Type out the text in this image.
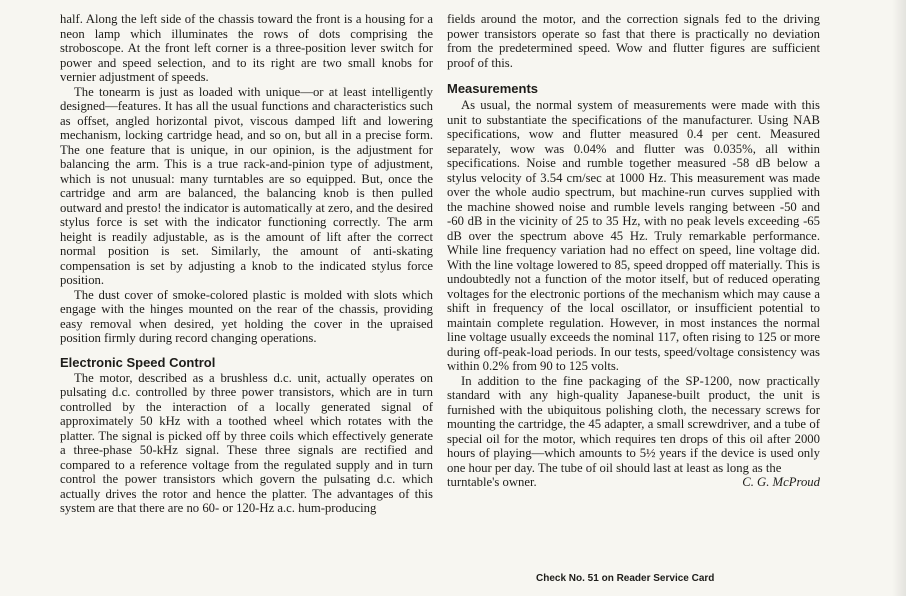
half. Along the left side of the chassis toward the front is a housing for a neon lamp which illuminates the rows of dots comprising the stroboscope. At the front left corner is a three-position lever switch for power and speed selection, and to its right are two small knobs for vernier adjustment of speeds.

The tonearm is just as loaded with unique—or at least intelligently designed—features. It has all the usual functions and characteristics such as offset, angled horizontal pivot, viscous damped lift and lowering mechanism, locking cartridge head, and so on, but all in a precise form. The one feature that is unique, in our opinion, is the adjustment for balancing the arm. This is a true rack-and-pinion type of adjustment, which is not unusual: many turntables are so equipped. But, once the cartridge and arm are balanced, the balancing knob is then pulled outward and presto! the indicator is automatically at zero, and the desired stylus force is set with the indicator functioning correctly. The arm height is readily adjustable, as is the amount of lift after the correct normal position is set. Similarly, the amount of anti-skating compensation is set by adjusting a knob to the indicated stylus force position.

The dust cover of smoke-colored plastic is molded with slots which engage with the hinges mounted on the rear of the chassis, providing easy removal when desired, yet holding the cover in the upraised position firmly during record changing operations.

Electronic Speed Control

The motor, described as a brushless d.c. unit, actually operates on pulsating d.c. controlled by three power transistors, which are in turn controlled by the interaction of a locally generated signal of approximately 50 kHz with a toothed wheel which rotates with the platter. The signal is picked off by three coils which effectively generate a three-phase 50-kHz signal. These three signals are rectified and compared to a reference voltage from the regulated supply and in turn control the power transistors which govern the pulsating d.c. which actually drives the rotor and hence the platter. The advantages of this system are that there are no 60- or 120-Hz a.c. hum-producing

fields around the motor, and the correction signals fed to the driving power transistors operate so fast that there is practically no deviation from the predetermined speed. Wow and flutter figures are sufficient proof of this.

Measurements

As usual, the normal system of measurements were made with this unit to substantiate the specifications of the manufacturer. Using NAB specifications, wow and flutter measured 0.4 per cent. Measured separately, wow was 0.04% and flutter was 0.035%, all within specifications. Noise and rumble together measured -58 dB below a stylus velocity of 3.54 cm/sec at 1000 Hz. This measurement was made over the whole audio spectrum, but machine-run curves supplied with the machine showed noise and rumble levels ranging between -50 and -60 dB in the vicinity of 25 to 35 Hz, with no peak levels exceeding -65 dB over the spectrum above 45 Hz. Truly remarkable performance. While line frequency variation had no effect on speed, line voltage did. With the line voltage lowered to 85, speed dropped off materially. This is undoubtedly not a function of the motor itself, but of reduced operating voltages for the electronic portions of the mechanism which may cause a shift in frequency of the local oscillator, or insufficient potential to maintain complete regulation. However, in most instances the normal line voltage usually exceeds the nominal 117, often rising to 125 or more during off-peak-load periods. In our tests, speed/voltage consistency was within 0.2% from 90 to 125 volts.

In addition to the fine packaging of the SP-1200, now practically standard with any high-quality Japanese-built product, the unit is furnished with the ubiquitous polishing cloth, the necessary screws for mounting the cartridge, the 45 adapter, a small screwdriver, and a tube of special oil for the motor, which requires ten drops of this oil after 2000 hours of playing—which amounts to 5½ years if the device is used only one hour per day. The tube of oil should last at least as long as the

turntable's owner.	C. G. McProud

Check No. 51 on Reader Service Card
